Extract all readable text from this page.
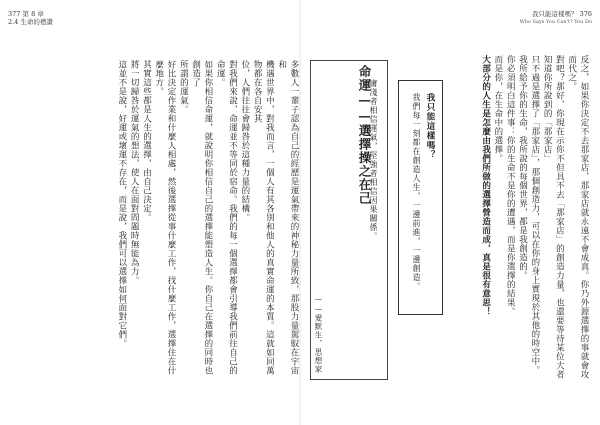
377 第 8 章
2.4 生命的禮讚
我只能這樣嗎？ 376
Who Says You Can't? You Do

多數人一輩子認為自己的經歷是運氣帶來的神秘力量所致，那股力量駕馭在宇宙和

機遇世界中，對我而言，一個人有其各別和他人的真實命運的本質。這就如同萬物都在各自安其

位，人們往往會歸咎於這種力量的結構。

對我們來說，命運並不等同於宿命。我們的每一個選擇都會引導我們前往自己的命運。

如果你相信命運，就說明你相信自己的選擇能塑造人生。你自己在選擇的同時也創造了

所謂的運氣。

好比決定作業和什麼人相處，然後選擇從事什麼工作，找什麼工作，選擇住在什麼地方。

其實這些都是人生的選擇，由自己決定。

將一切歸咎於運氣的想法，使人在面對問題時無能為力。

這並不是說，好運或壞運不存在，而是說，我們可以選擇如何面對它們。	命運——選擇操之在己
庸淺者相信運氣，堅強者相信因果關係。
——愛默生，思想家
我只能這樣嗎？
我們每一刻都在創造人生，一邊前進，一邊創造。	反之，如果你決定不去那家店，那家店就永遠不會成真。你乃外源選擇的事就會攻而代之。

對吧？那好，你現在示你不但具不去「那家店」的創造力量，也還要等待某位大者知道你所說到的「那家店」

只不過是選擇了「那家店」，那個創造力，可以在你的身上實現於其他的時空中。

我所給予你的生命，我所說的每個世界，都是我創造的。

你必須明白這件事：你的生命不是你的遭遇，而是你選擇的結果。

而是你，在生命中的選擇。

大部分的人生是怎麼由我們所做的選擇營造而成，真是很有意思！
